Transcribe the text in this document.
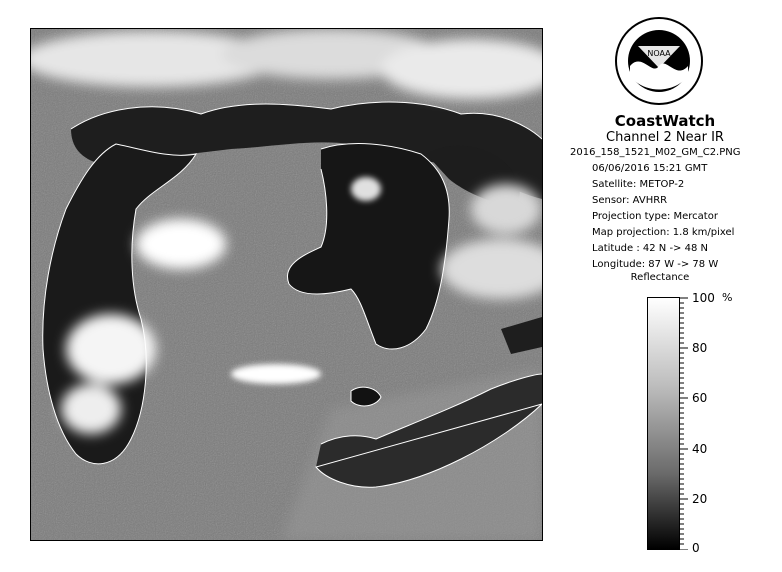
NOAA
CoastWatch
Channel 2 Near IR
2016_158_1521_M02_GM_C2.PNG
06/06/2016 15:21 GMT
Satellite: METOP-2
Sensor: AVHRR
Projection type: Mercator
Map projection: 1.8 km/pixel
Latitude : 42 N -> 48 N
Longitude: 87 W -> 78 W
Reflectance
100
80
60
40
20
0
%
